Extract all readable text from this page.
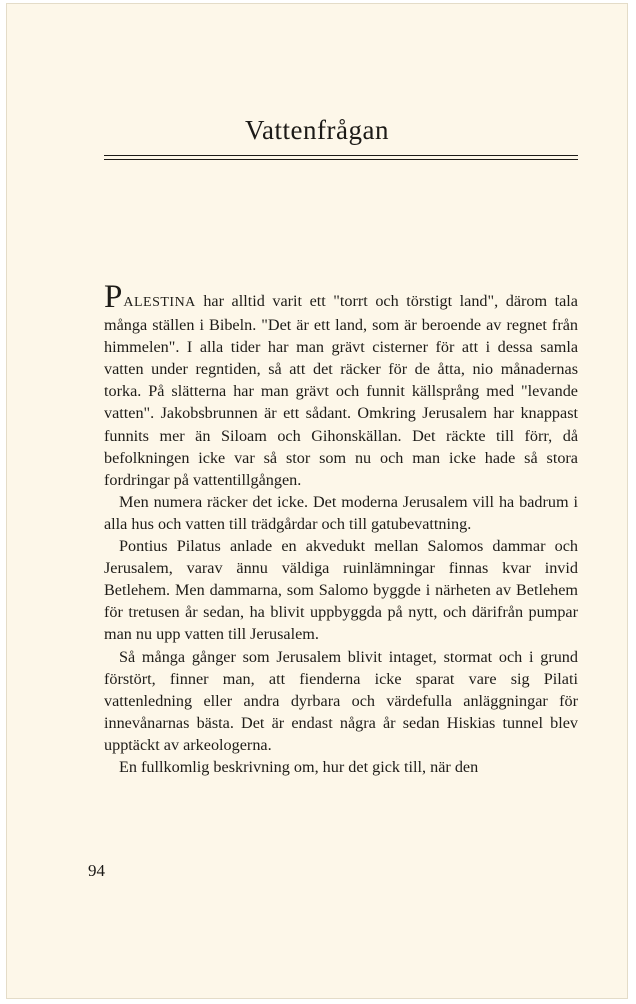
Vattenfrågan

PALESTINA har alltid varit ett "torrt och törstigt land", därom tala många ställen i Bibeln. "Det är ett land, som är beroende av regnet från himmelen". I alla tider har man grävt cisterner för att i dessa samla vatten under regntiden, så att det räcker för de åtta, nio månadernas torka. På slätterna har man grävt och funnit källsprång med "levande vatten". Jakobsbrunnen är ett sådant. Omkring Jerusalem har knappast funnits mer än Siloam och Gihonskällan. Det räckte till förr, då befolkningen icke var så stor som nu och man icke hade så stora fordringar på vattentillgången.

Men numera räcker det icke. Det moderna Jerusalem vill ha badrum i alla hus och vatten till trädgårdar och till gatubevattning.

Pontius Pilatus anlade en akvedukt mellan Salomos dammar och Jerusalem, varav ännu väldiga ruinlämningar finnas kvar invid Betlehem. Men dammarna, som Salomo byggde i närheten av Betlehem för tretusen år sedan, ha blivit uppbyggda på nytt, och därifrån pumpar man nu upp vatten till Jerusalem.

Så många gånger som Jerusalem blivit intaget, stormat och i grund förstört, finner man, att fienderna icke sparat vare sig Pilati vattenledning eller andra dyrbara och värdefulla anläggningar för innevånarnas bästa. Det är endast några år sedan Hiskias tunnel blev upptäckt av arkeologerna.

En fullkomlig beskrivning om, hur det gick till, när den

94
